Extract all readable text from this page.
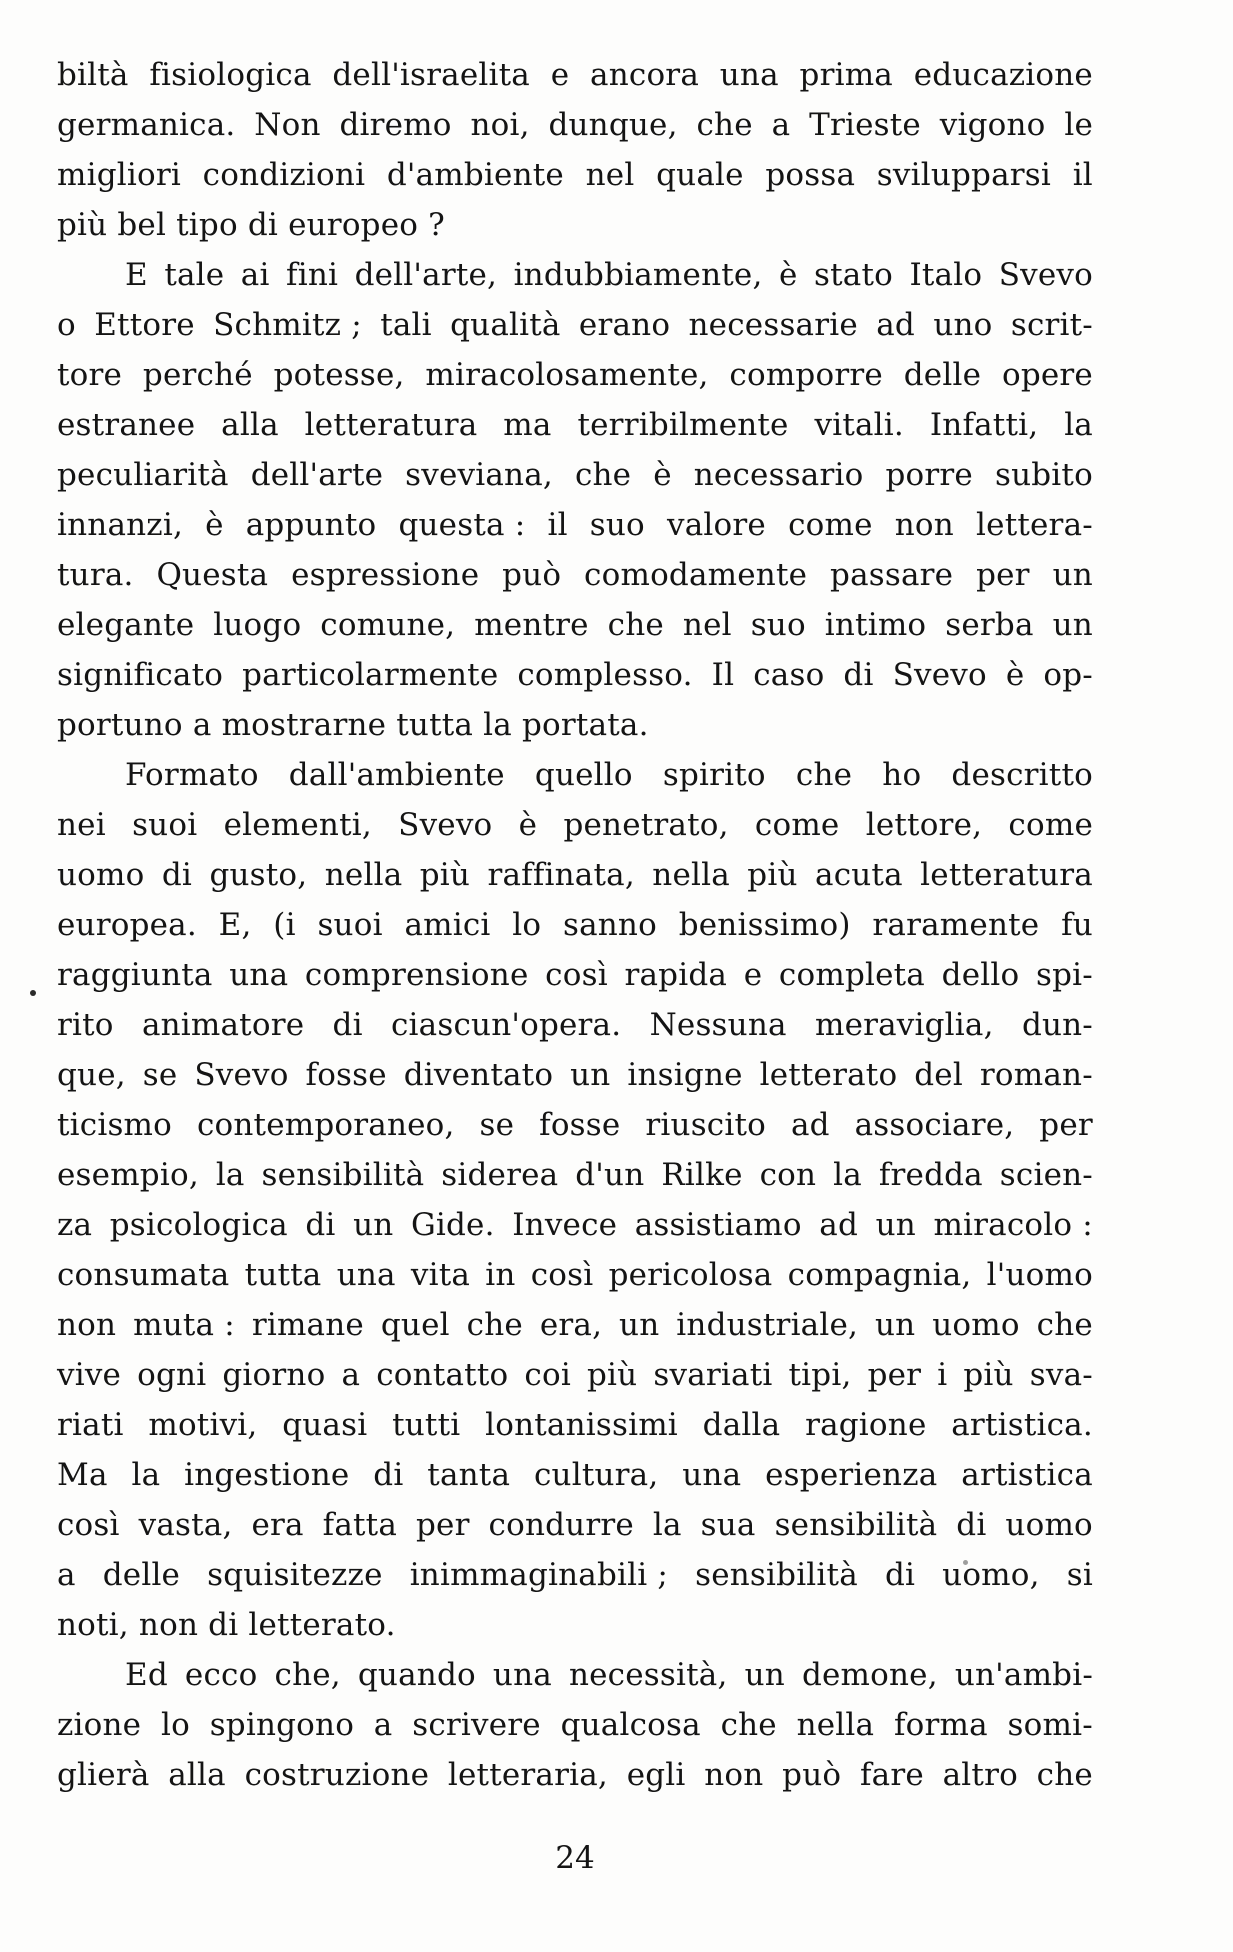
biltà fisiologica dell'israelita e ancora una prima educazione
germanica. Non diremo noi, dunque, che a Trieste vigono le
migliori condizioni d'ambiente nel quale possa svilupparsi il
più bel tipo di europeo ?
E tale ai fini dell'arte, indubbiamente, è stato Italo Svevo
o Ettore Schmitz ; tali qualità erano necessarie ad uno scrit-
tore perché potesse, miracolosamente, comporre delle opere
estranee alla letteratura ma terribilmente vitali. Infatti, la
peculiarità dell'arte sveviana, che è necessario porre subito
innanzi, è appunto questa : il suo valore come non lettera-
tura. Questa espressione può comodamente passare per un
elegante luogo comune, mentre che nel suo intimo serba un
significato particolarmente complesso. Il caso di Svevo è op-
portuno a mostrarne tutta la portata.
Formato dall'ambiente quello spirito che ho descritto
nei suoi elementi, Svevo è penetrato, come lettore, come
uomo di gusto, nella più raffinata, nella più acuta letteratura
europea. E, (i suoi amici lo sanno benissimo) raramente fu
raggiunta una comprensione così rapida e completa dello spi-
rito animatore di ciascun'opera. Nessuna meraviglia, dun-
que, se Svevo fosse diventato un insigne letterato del roman-
ticismo contemporaneo, se fosse riuscito ad associare, per
esempio, la sensibilità siderea d'un Rilke con la fredda scien-
za psicologica di un Gide. Invece assistiamo ad un miracolo :
consumata tutta una vita in così pericolosa compagnia, l'uomo
non muta : rimane quel che era, un industriale, un uomo che
vive ogni giorno a contatto coi più svariati tipi, per i più sva-
riati motivi, quasi tutti lontanissimi dalla ragione artistica.
Ma la ingestione di tanta cultura, una esperienza artistica
così vasta, era fatta per condurre la sua sensibilità di uomo
a delle squisitezze inimmaginabili ; sensibilità di uomo, si
noti, non di letterato.
Ed ecco che, quando una necessità, un demone, un'ambi-
zione lo spingono a scrivere qualcosa che nella forma somi-
glierà alla costruzione letteraria, egli non può fare altro che
24
